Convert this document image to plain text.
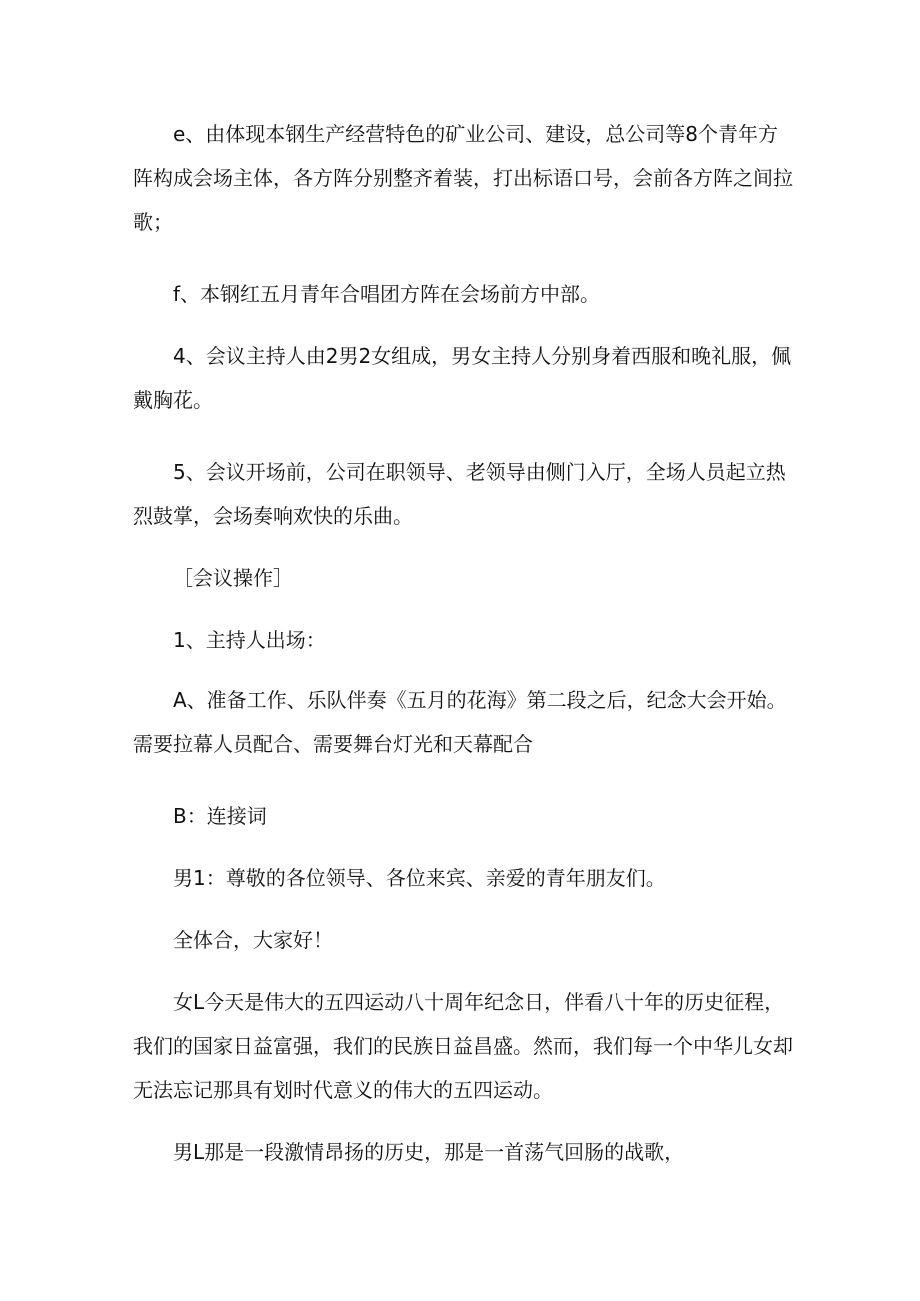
e、由体现本钢生产经营特色的矿业公司、建设，总公司等8个青年方阵构成会场主体，各方阵分别整齐着装，打出标语口号，会前各方阵之间拉歌；

f、本钢红五月青年合唱团方阵在会场前方中部。

4、会议主持人由2男2女组成，男女主持人分别身着西服和晚礼服，佩戴胸花。

5、会议开场前，公司在职领导、老领导由侧门入厅，全场人员起立热烈鼓掌，会场奏响欢快的乐曲。

［会议操作］

1、主持人出场：

A、准备工作、乐队伴奏《五月的花海》第二段之后，纪念大会开始。需要拉幕人员配合、需要舞台灯光和天幕配合

B：连接词

男1：尊敬的各位领导、各位来宾、亲爱的青年朋友们。

全体合，大家好！

女L今天是伟大的五四运动八十周年纪念日，伴看八十年的历史征程，我们的国家日益富强，我们的民族日益昌盛。然而，我们每一个中华儿女却无法忘记那具有划时代意义的伟大的五四运动。

男L那是一段激情昂扬的历史，那是一首荡气回肠的战歌，
